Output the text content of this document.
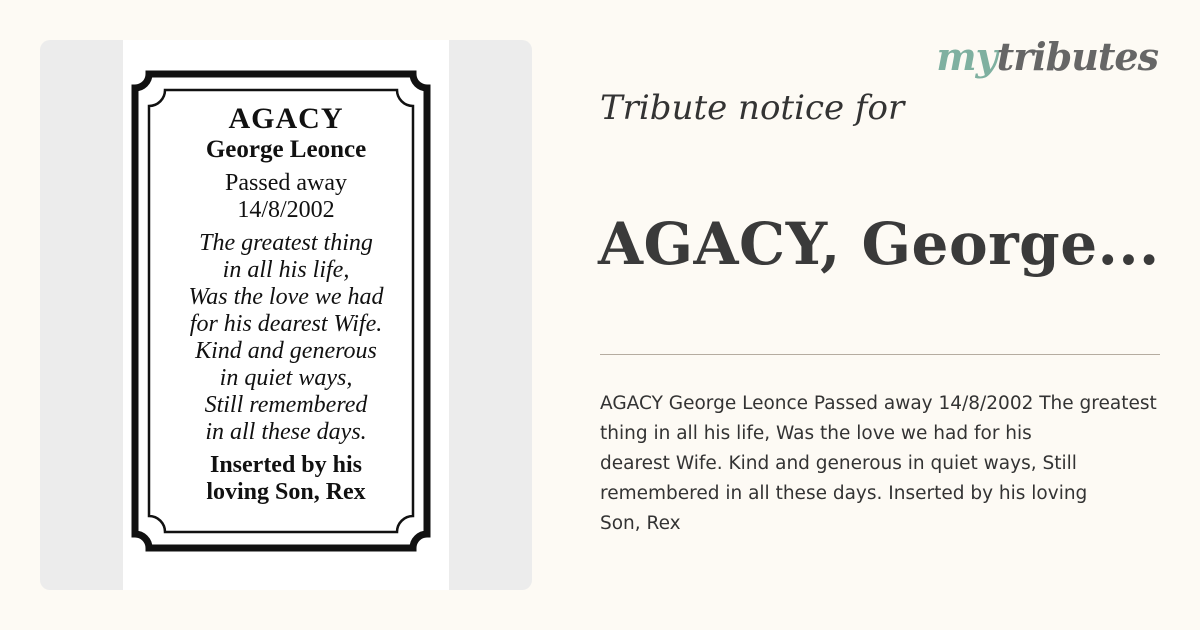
AGACY
George Leonce
Passed away
14/8/2002
The greatest thing
in all his life,
Was the love we had
for his dearest Wife.
Kind and generous
in quiet ways,
Still remembered
in all these days.
Inserted by his
loving Son, Rex
mytributes
Tribute notice for
AGACY, George...
AGACY George Leonce Passed away 14/8/2002 The greatest
thing in all his life, Was the love we had for his
dearest Wife. Kind and generous in quiet ways, Still
remembered in all these days. Inserted by his loving
Son, Rex
